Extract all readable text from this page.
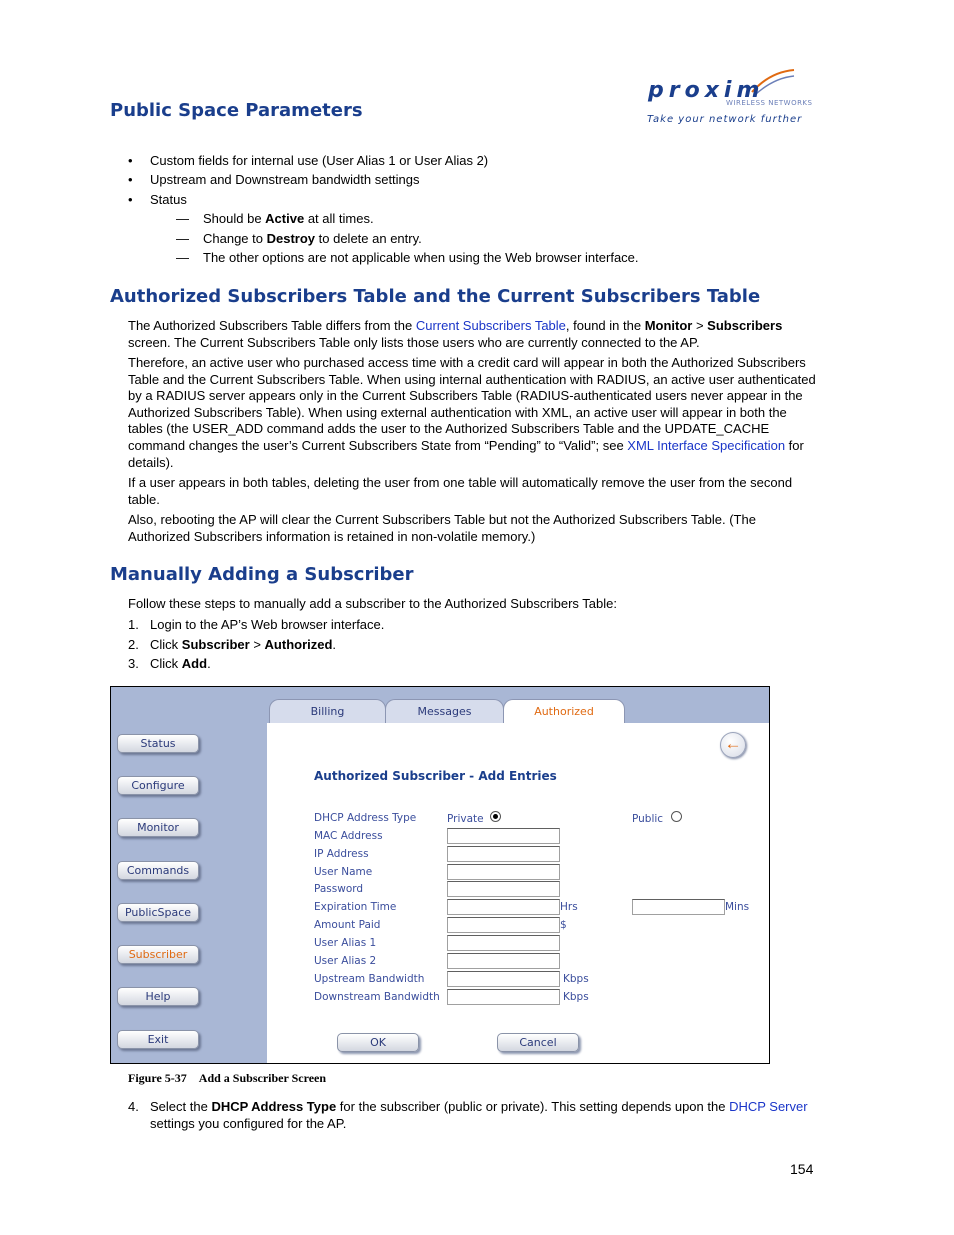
Public Space Parameters
proxim
WIRELESS NETWORKS
Take your network further
• Custom fields for internal use (User Alias 1 or User Alias 2)
• Upstream and Downstream bandwidth settings
• Status
— Should be Active at all times.
— Change to Destroy to delete an entry.
— The other options are not applicable when using the Web browser interface.
Authorized Subscribers Table and the Current Subscribers Table
The Authorized Subscribers Table differs from the Current Subscribers Table, found in the Monitor > Subscribers screen. The Current Subscribers Table only lists those users who are currently connected to the AP.
Therefore, an active user who purchased access time with a credit card will appear in both the Authorized Subscribers Table and the Current Subscribers Table. When using internal authentication with RADIUS, an active user authenticated by a RADIUS server appears only in the Current Subscribers Table (RADIUS-authenticated users never appear in the Authorized Subscribers Table). When using external authentication with XML, an active user will appear in both the tables (the USER_ADD command adds the user to the Authorized Subscribers Table and the UPDATE_CACHE command changes the user’s Current Subscribers State from “Pending” to “Valid”; see XML Interface Specification for details).
If a user appears in both tables, deleting the user from one table will automatically remove the user from the second table.
Also, rebooting the AP will clear the Current Subscribers Table but not the Authorized Subscribers Table. (The Authorized Subscribers information is retained in non-volatile memory.)
Manually Adding a Subscriber
Follow these steps to manually add a subscriber to the Authorized Subscribers Table:
1. Login to the AP’s Web browser interface.
2. Click Subscriber > Authorized.
3. Click Add.
Status
Configure
Monitor
Commands
PublicSpace
Subscriber
Help
Exit
Billing	Messages	Authorized
←
Authorized Subscriber - Add Entries
DHCP Address Type	Private	Public
MAC Address
IP Address
User Name
Password
Expiration Time	Hrs	Mins
Amount Paid	$
User Alias 1
User Alias 2
Upstream Bandwidth	Kbps
Downstream Bandwidth	Kbps
OK	Cancel
Figure 5-37 Add a Subscriber Screen
4. Select the DHCP Address Type for the subscriber (public or private). This setting depends upon the DHCP Server settings you configured for the AP.
154
